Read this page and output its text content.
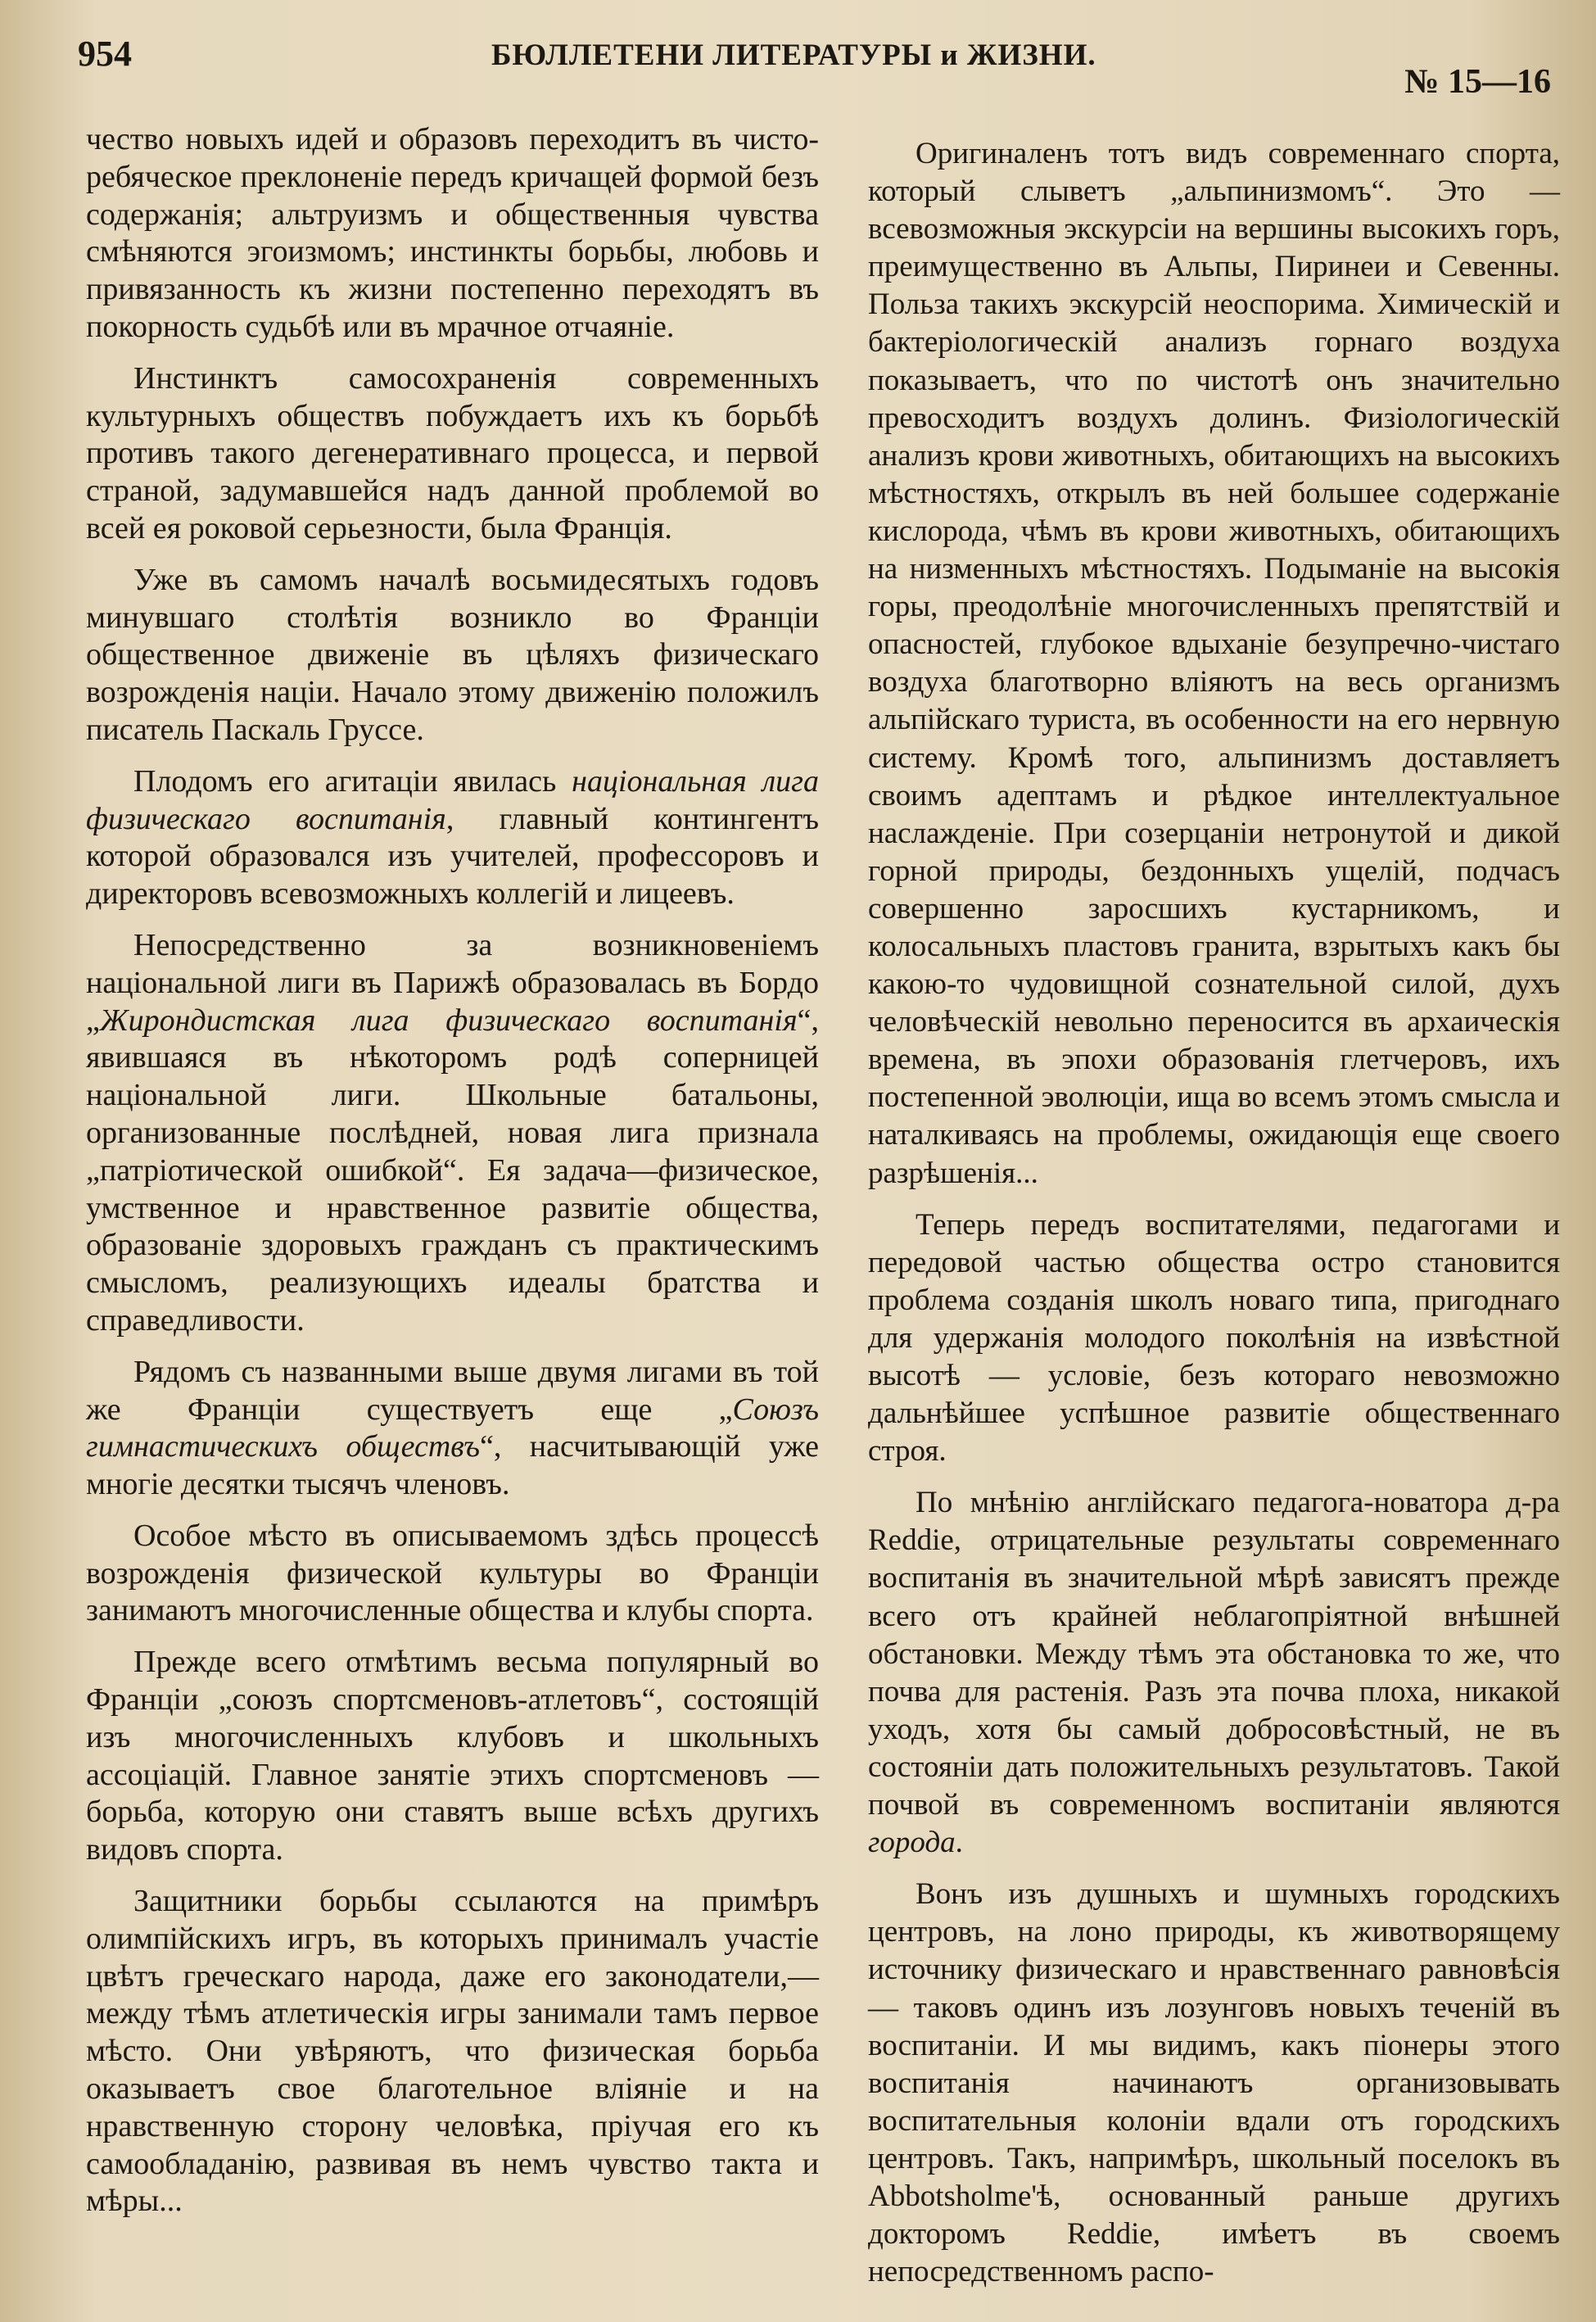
954	БЮЛЛЕТЕНИ ЛИТЕРАТУРЫ и ЖИЗНИ.
№ 15—16

чество новыхъ идей и образовъ переходитъ въ чисто-ребяческое преклоненіе передъ кричащей формой безъ содержанія; альтруизмъ и общественныя чувства смѣняются эгоизмомъ; инстинкты борьбы, любовь и привязанность къ жизни постепенно переходятъ въ покорность судьбѣ или въ мрачное отчаяніе.

Инстинктъ самосохраненія современныхъ культурныхъ обществъ побуждаетъ ихъ къ борьбѣ противъ такого дегенеративнаго процесса, и первой страной, задумавшейся надъ данной проблемой во всей ея роковой серьезности, была Франція.

Уже въ самомъ началѣ восьмидесятыхъ годовъ минувшаго столѣтія возникло во Франціи общественное движеніе въ цѣляхъ физическаго возрожденія націи. Начало этому движенію положилъ писатель Паскаль Груссе.

Плодомъ его агитаціи явилась національная лига физическаго воспитанія, главный контингентъ которой образовался изъ учителей, профессоровъ и директоровъ всевозможныхъ коллегій и лицеевъ.

Непосредственно за возникновеніемъ національной лиги въ Парижѣ образовалась въ Бордо „Жирондистская лига физическаго воспитанія“, явившаяся въ нѣкоторомъ родѣ соперницей національной лиги. Школьные батальоны, организованные послѣдней, новая лига признала „патріотической ошибкой“. Ея задача—физическое, умственное и нравственное развитіе общества, образованіе здоровыхъ гражданъ съ практическимъ смысломъ, реализующихъ идеалы братства и справедливости.

Рядомъ съ названными выше двумя лигами въ той же Франціи существуетъ еще „Союзъ гимнастическихъ обществъ“, насчитывающій уже многіе десятки тысячъ членовъ.

Особое мѣсто въ описываемомъ здѣсь процессѣ возрожденія физической культуры во Франціи занимаютъ многочисленные общества и клубы спорта.

Прежде всего отмѣтимъ весьма популярный во Франціи „союзъ спортсменовъ-атлетовъ“, состоящій изъ многочисленныхъ клубовъ и школьныхъ ассоціацій. Главное занятіе этихъ спортсменовъ — борьба, которую они ставятъ выше всѣхъ другихъ видовъ спорта.

Защитники борьбы ссылаются на примѣръ олимпійскихъ игръ, въ которыхъ принималъ участіе цвѣтъ греческаго народа, даже его законодатели,— между тѣмъ атлетическія игры занимали тамъ первое мѣсто. Они увѣряютъ, что физическая борьба оказываетъ свое благотельное вліяніе и на нравственную сторону человѣка, пріучая его къ самообладанію, развивая въ немъ чувство такта и мѣры...

Оригиналенъ тотъ видъ современнаго спорта, который слыветъ „альпинизмомъ“. Это — всевозможныя экскурсіи на вершины высокихъ горъ, преимущественно въ Альпы, Пиринеи и Севенны. Польза такихъ экскурсій неоспорима. Химическій и бактеріологическій анализъ горнаго воздуха показываетъ, что по чистотѣ онъ значительно превосходитъ воздухъ долинъ. Физіологическій анализъ крови животныхъ, обитающихъ на высокихъ мѣстностяхъ, открылъ въ ней большее содержаніе кислорода, чѣмъ въ крови животныхъ, обитающихъ на низменныхъ мѣстностяхъ. Подыманіе на высокія горы, преодолѣніе многочисленныхъ препятствій и опасностей, глубокое вдыханіе безупречно-чистаго воздуха благотворно вліяютъ на весь организмъ альпійскаго туриста, въ особенности на его нервную систему. Кромѣ того, альпинизмъ доставляетъ своимъ адептамъ и рѣдкое интеллектуальное наслажденіе. При созерцаніи нетронутой и дикой горной природы, бездонныхъ ущелій, подчасъ совершенно заросшихъ кустарникомъ, и колосальныхъ пластовъ гранита, взрытыхъ какъ бы какою-то чудовищной сознательной силой, духъ человѣческій невольно переносится въ архаическія времена, въ эпохи образованія глетчеровъ, ихъ постепенной эволюціи, ища во всемъ этомъ смысла и наталкиваясь на проблемы, ожидающія еще своего разрѣшенія...

Теперь передъ воспитателями, педагогами и передовой частью общества остро становится проблема созданія школъ новаго типа, пригоднаго для удержанія молодого поколѣнія на извѣстной высотѣ — условіе, безъ котораго невозможно дальнѣйшее успѣшное развитіе общественнаго строя.

По мнѣнію англійскаго педагога-новатора д-ра Reddie, отрицательные результаты современнаго воспитанія въ значительной мѣрѣ зависятъ прежде всего отъ крайней неблагопріятной внѣшней обстановки. Между тѣмъ эта обстановка то же, что почва для растенія. Разъ эта почва плоха, никакой уходъ, хотя бы самый добросовѣстный, не въ состояніи дать положительныхъ результатовъ. Такой почвой въ современномъ воспитаніи являются города.

Вонъ изъ душныхъ и шумныхъ городскихъ центровъ, на лоно природы, къ животворящему источнику физическаго и нравственнаго равновѣсія — таковъ одинъ изъ лозунговъ новыхъ теченій въ воспитаніи. И мы видимъ, какъ піонеры этого воспитанія начинаютъ организовывать воспитательныя колоніи вдали отъ городскихъ центровъ. Такъ, напримѣръ, школьный поселокъ въ Abbotsholme'ѣ, основанный раньше другихъ докторомъ Reddie, имѣетъ въ своемъ непосредственномъ распо-
